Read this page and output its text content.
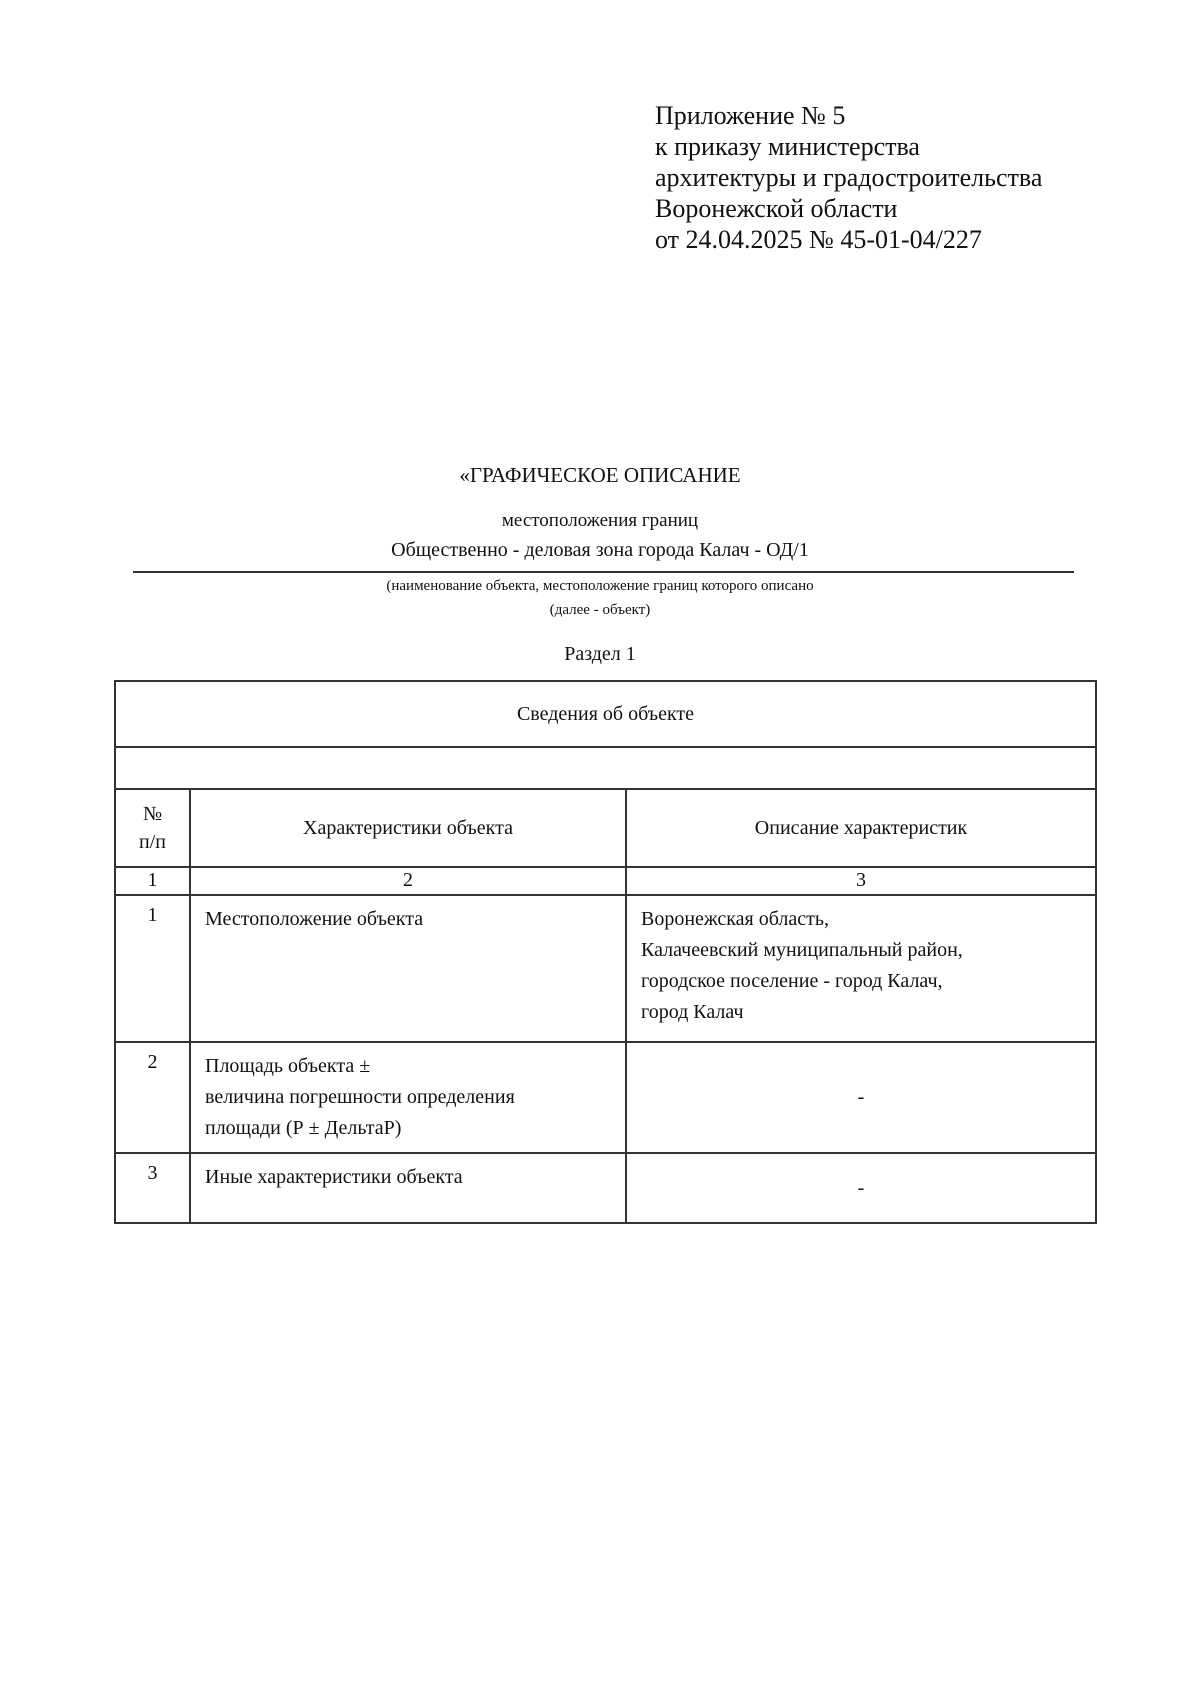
Приложение № 5
к приказу министерства
архитектуры и градостроительства
Воронежской области
от 24.04.2025 № 45-01-04/227
«ГРАФИЧЕСКОЕ ОПИСАНИЕ
местоположения границ
Общественно - деловая зона города Калач - ОД/1
(наименование объекта, местоположение границ которого описано
(далее - объект)
Раздел 1
Сведения об объекте		

№
п/п	Характеристики объекта	Описание характеристик
1	2	3
1	Местоположение объекта	Воронежская область,
Калачеевский муниципальный район,
городское поселение - город Калач,
город Калач

2	Площадь объекта ±
величина погрешности определения
площади (Р ± ДельтаР)	-
3	Иные характеристики объекта	-
